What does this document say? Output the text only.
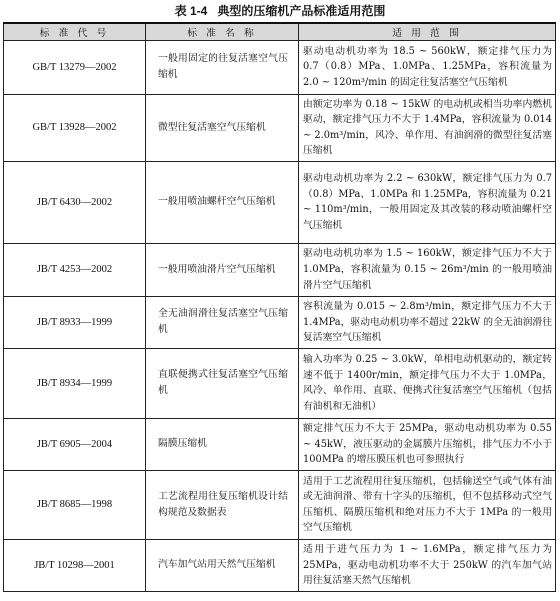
表 1-4 典型的压缩机产品标准适用范围
标 准 代 号	标 准 名 称	适 用 范 围
GB/T 13279—2002	一般用固定的往复活塞空气压缩机	驱动电动机功率为 18.5 ~ 560kW，额定排气压力为 0.7（0.8）MPa、1.0MPa、1.25MPa，容积流量为 2.0 ~ 120m³/min 的固定往复活塞空气压缩机
GB/T 13928—2002	微型往复活塞空气压缩机	由额定功率为 0.18 ~ 15kW 的电动机或相当功率内燃机驱动，额定排气压力不大于 1.4MPa，容积流量为 0.014 ~ 2.0m³/min，风冷、单作用、有油润滑的微型往复活塞压缩机
JB/T 6430—2002	一般用喷油螺杆空气压缩机	驱动电动机功率为 2.2 ~ 630kW，额定排气压力为 0.7（0.8）MPa、1.0MPa 和 1.25MPa，容积流量为 0.21 ~ 110m³/min，一般用固定及其改装的移动喷油螺杆空气压缩机
JB/T 4253—2002	一般用喷油滑片空气压缩机	驱动电动机功率为 1.5 ~ 160kW，额定排气压力不大于 1.0MPa，容积流量为 0.15 ~ 26m³/min 的一般用喷油滑片空气压缩机
JB/T 8933—1999	全无油润滑往复活塞空气压缩机	容积流量为 0.015 ~ 2.8m³/min，额定排气压力不大于 1.4MPa，驱动电动机功率不超过 22kW 的全无油润滑往复活塞空气压缩机
JB/T 8934—1999	直联便携式往复活塞空气压缩机	输入功率为 0.25 ~ 3.0kW，单相电动机驱动的，额定转速不低于 1400r/min，额定排气压力不大于 1.0MPa，风冷、单作用、直联、便携式往复活塞空气压缩机（包括有油机和无油机）
JB/T 6905—2004	隔膜压缩机	额定排气压力不大于 25MPa，驱动电动机功率为 0.55 ~ 45kW，液压驱动的金属膜片压缩机，排气压力不小于 100MPa 的增压膜压机也可参照执行
JB/T 8685—1998	工艺流程用往复压缩机设计结构规范及数据表	适用于工艺流程用往复压缩机，包括输送空气或气体有油或无油润滑、带有十字头的压缩机，但不包括移动式空气压缩机、隔膜压缩机和绝对压力不大于 1MPa 的一般用空气压缩机
JB/T 10298—2001	汽车加气站用天然气压缩机	适用于进气压力为 1 ~ 1.6MPa，额定排气压力为 25MPa，驱动电动机功率不大于 250kW 的汽车加气站用往复活塞天然气压缩机
